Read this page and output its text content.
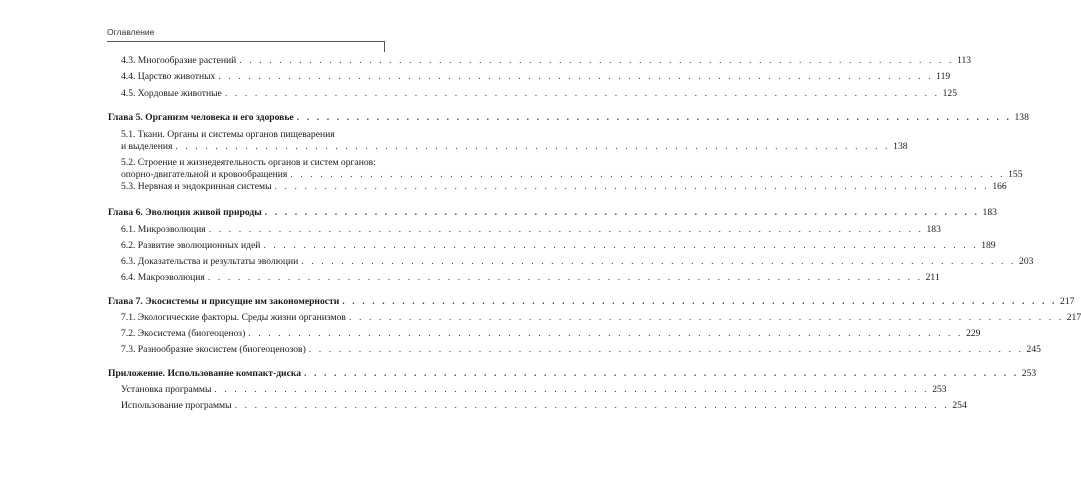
Оглавление
4.3. Многообразие растений . . . . . . . . . . . . . . . . . . . . . . . . . . . . . . . . . . . . . . . . . . . . . . . . . . . . . . . . . . . . . . . . . . . . . . . . 113
4.4. Царство животных . . . . . . . . . . . . . . . . . . . . . . . . . . . . . . . . . . . . . . . . . . . . . . . . . . . . . . . . . . . . . . . . . . . . . . . . 119
4.5. Хордовые животные . . . . . . . . . . . . . . . . . . . . . . . . . . . . . . . . . . . . . . . . . . . . . . . . . . . . . . . . . . . . . . . . . . . . . . . . 125
Глава 5. Организм человека и его здоровье . . . . . . . . . . . . . . . . . . . . . . . . . . . . . . . . . . . . . . . . . . . . . . . . . . . . . . . . . . . . . . . . . . . . . . . . 138
5.1. Ткани. Органы и системы органов пищеварения
и выделения . . . . . . . . . . . . . . . . . . . . . . . . . . . . . . . . . . . . . . . . . . . . . . . . . . . . . . . . . . . . . . . . . . . . . . . . 138
5.2. Строение и жизнедеятельность органов и систем органов:
опорно-двигательной и кровообращения . . . . . . . . . . . . . . . . . . . . . . . . . . . . . . . . . . . . . . . . . . . . . . . . . . . . . . . . . . . . . . . . . . . . . . . . 155
5.3. Нервная и эндокринная системы . . . . . . . . . . . . . . . . . . . . . . . . . . . . . . . . . . . . . . . . . . . . . . . . . . . . . . . . . . . . . . . . . . . . . . . . 166
Глава 6. Эволюция живой природы . . . . . . . . . . . . . . . . . . . . . . . . . . . . . . . . . . . . . . . . . . . . . . . . . . . . . . . . . . . . . . . . . . . . . . . . 183
6.1. Микроэволюция . . . . . . . . . . . . . . . . . . . . . . . . . . . . . . . . . . . . . . . . . . . . . . . . . . . . . . . . . . . . . . . . . . . . . . . . 183
6.2. Развитие эволюционных идей . . . . . . . . . . . . . . . . . . . . . . . . . . . . . . . . . . . . . . . . . . . . . . . . . . . . . . . . . . . . . . . . . . . . . . . . 189
6.3. Доказательства и результаты эволюции . . . . . . . . . . . . . . . . . . . . . . . . . . . . . . . . . . . . . . . . . . . . . . . . . . . . . . . . . . . . . . . . . . . . . . . . 203
6.4. Макроэволюция . . . . . . . . . . . . . . . . . . . . . . . . . . . . . . . . . . . . . . . . . . . . . . . . . . . . . . . . . . . . . . . . . . . . . . . . 211
Глава 7. Экосистемы и присущие им закономерности . . . . . . . . . . . . . . . . . . . . . . . . . . . . . . . . . . . . . . . . . . . . . . . . . . . . . . . . . . . . . . . . . . . . . . . . 217
7.1. Экологические факторы. Среды жизни организмов . . . . . . . . . . . . . . . . . . . . . . . . . . . . . . . . . . . . . . . . . . . . . . . . . . . . . . . . . . . . . . . . . . . . . . . . 217
7.2. Экосистема (биогеоценоз) . . . . . . . . . . . . . . . . . . . . . . . . . . . . . . . . . . . . . . . . . . . . . . . . . . . . . . . . . . . . . . . . . . . . . . . . 229
7.3. Разнообразие экосистем (биогеоценозов) . . . . . . . . . . . . . . . . . . . . . . . . . . . . . . . . . . . . . . . . . . . . . . . . . . . . . . . . . . . . . . . . . . . . . . . . 245
Приложение. Использование компакт-диска . . . . . . . . . . . . . . . . . . . . . . . . . . . . . . . . . . . . . . . . . . . . . . . . . . . . . . . . . . . . . . . . . . . . . . . . 253
Установка программы . . . . . . . . . . . . . . . . . . . . . . . . . . . . . . . . . . . . . . . . . . . . . . . . . . . . . . . . . . . . . . . . . . . . . . . . 253
Использование программы . . . . . . . . . . . . . . . . . . . . . . . . . . . . . . . . . . . . . . . . . . . . . . . . . . . . . . . . . . . . . . . . . . . . . . . . 254
